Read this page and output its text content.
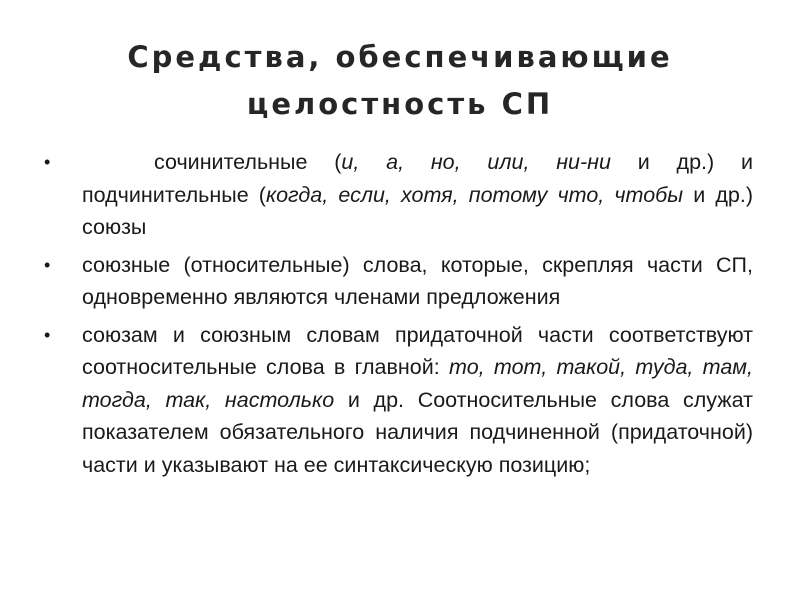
Средства, обеспечивающие
целостность СП
•	сочинительные (и, а, но, или, ни-ни и др.) и подчинительные (когда, если, хотя, потому что, чтобы и др.) союзы
•	союзные (относительные) слова, которые, скрепляя части СП, одновременно являются членами предложения
•	союзам и союзным словам придаточной части соответствуют соотносительные слова в главной: то, тот, такой, туда, там, тогда, так, настолько и др. Соотносительные слова служат показателем обязательного наличия подчиненной (придаточной) части и указывают на ее синтаксическую позицию;
